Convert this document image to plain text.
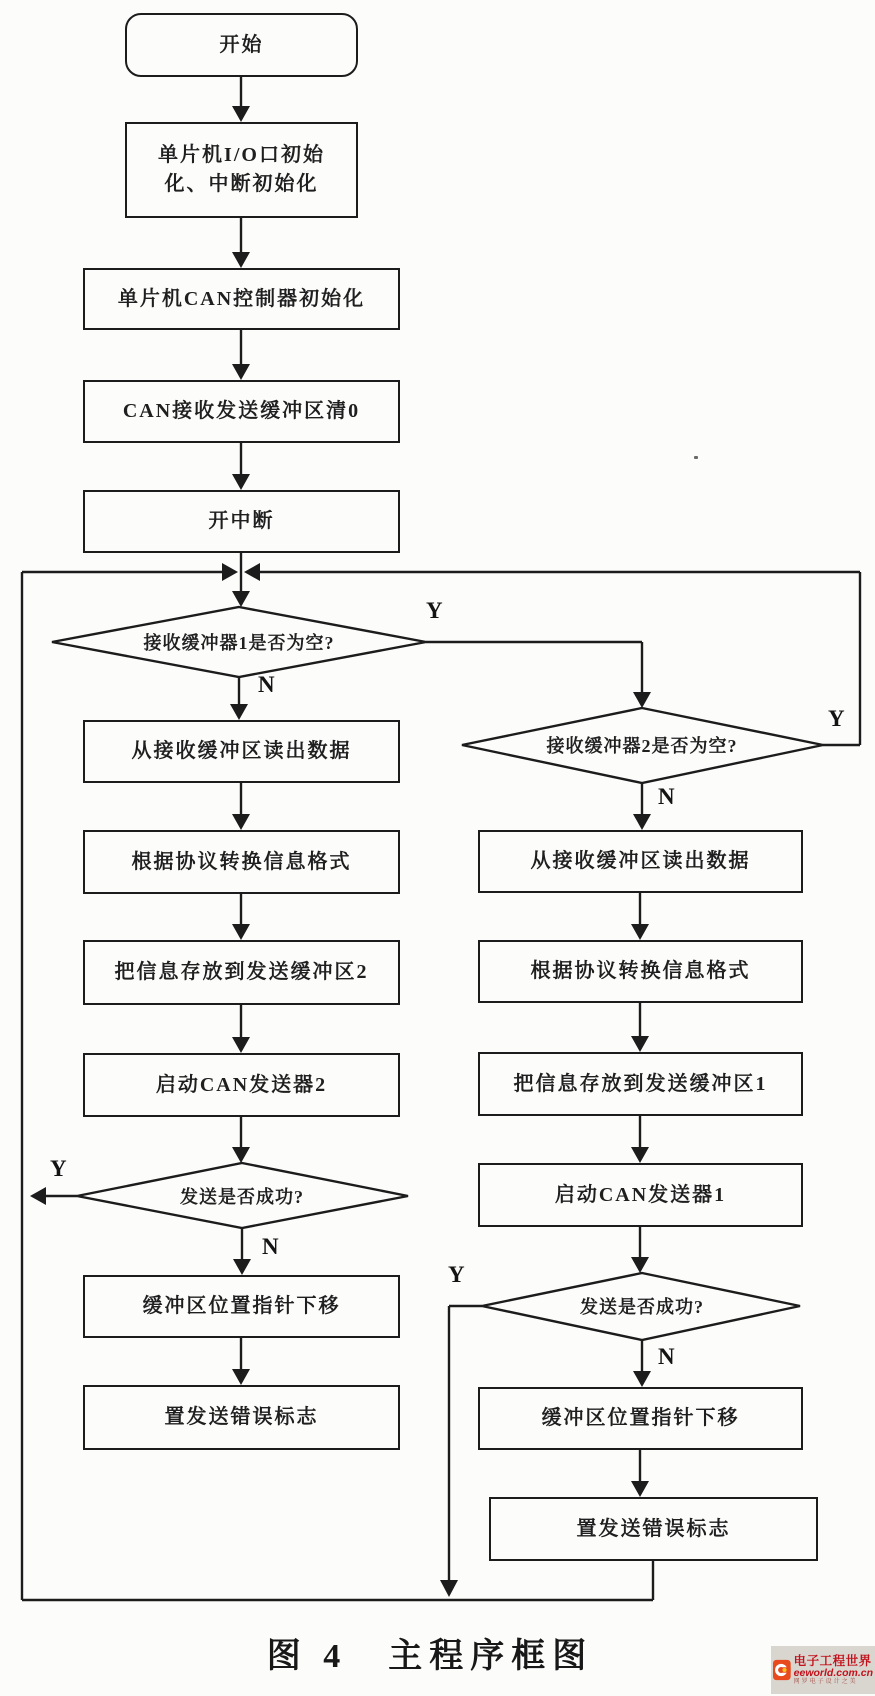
开始
单片机I/O口初始
化、中断初始化
单片机CAN控制器初始化
CAN接收发送缓冲区清0
开中断
接收缓冲器1是否为空?
Y
N
从接收缓冲区读出数据
根据协议转换信息格式
把信息存放到发送缓冲区2
启动CAN发送器2
发送是否成功?
Y
N
缓冲区位置指针下移
置发送错误标志
接收缓冲器2是否为空?
Y
N
从接收缓冲区读出数据
根据协议转换信息格式
把信息存放到发送缓冲区1
启动CAN发送器1
发送是否成功?
Y
N
缓冲区位置指针下移
置发送错误标志
图 4　主程序框图	电子工程世界
eeworld.com.cn
网罗电子设计之美
